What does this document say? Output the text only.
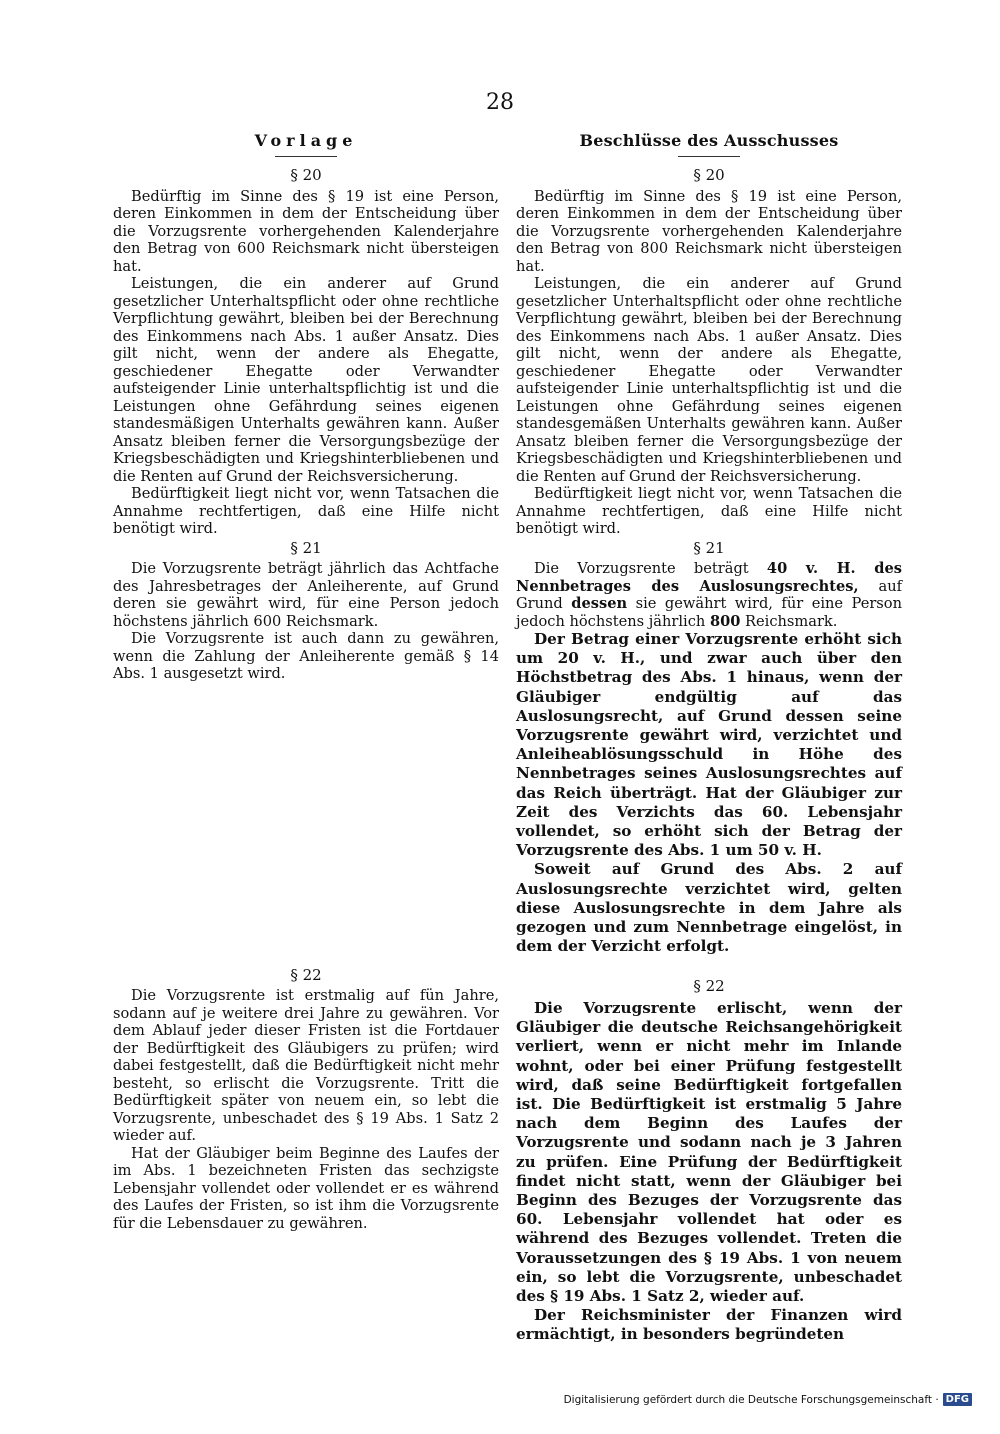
28
Vorlage
§ 20

Bedürftig im Sinne des § 19 ist eine Person, deren Einkommen in dem der Entscheidung über die Vorzugsrente vorhergehenden Kalenderjahre den Betrag von 600 Reichsmark nicht übersteigen hat.

Leistungen, die ein anderer auf Grund gesetzlicher Unterhaltspflicht oder ohne rechtliche Verpflichtung gewährt, bleiben bei der Berechnung des Einkommens nach Abs. 1 außer Ansatz. Dies gilt nicht, wenn der andere als Ehegatte, geschiedener Ehegatte oder Verwandter aufsteigender Linie unterhaltspflichtig ist und die Leistungen ohne Gefährdung seines eigenen standesmäßigen Unterhalts gewähren kann. Außer Ansatz bleiben ferner die Versorgungsbezüge der Kriegsbeschädigten und Kriegshinterbliebenen und die Renten auf Grund der Reichsversicherung.

Bedürftigkeit liegt nicht vor, wenn Tatsachen die Annahme rechtfertigen, daß eine Hilfe nicht benötigt wird.

§ 21

Die Vorzugsrente beträgt jährlich das Achtfache des Jahresbetrages der Anleiherente, auf Grund deren sie gewährt wird, für eine Person jedoch höchstens jährlich 600 Reichsmark.

Die Vorzugsrente ist auch dann zu gewähren, wenn die Zahlung der Anleiherente gemäß § 14 Abs. 1 ausgesetzt wird.

§ 22

Die Vorzugsrente ist erstmalig auf fün Jahre, sodann auf je weitere drei Jahre zu gewähren. Vor dem Ablauf jeder dieser Fristen ist die Fortdauer der Bedürftigkeit des Gläubigers zu prüfen; wird dabei festgestellt, daß die Bedürftigkeit nicht mehr besteht, so erlischt die Vorzugsrente. Tritt die Bedürftigkeit später von neuem ein, so lebt die Vorzugsrente, unbeschadet des § 19 Abs. 1 Satz 2 wieder auf.

Hat der Gläubiger beim Beginne des Laufes der im Abs. 1 bezeichneten Fristen das sechzigste Lebensjahr vollendet oder vollendet er es während des Laufes der Fristen, so ist ihm die Vorzugsrente für die Lebensdauer zu gewähren.

Beschlüsse des Ausschusses
§ 20

Bedürftig im Sinne des § 19 ist eine Person, deren Einkommen in dem der Entscheidung über die Vorzugsrente vorhergehenden Kalenderjahre den Betrag von 800 Reichsmark nicht übersteigen hat.

Leistungen, die ein anderer auf Grund gesetzlicher Unterhaltspflicht oder ohne rechtliche Verpflichtung gewährt, bleiben bei der Berechnung des Einkommens nach Abs. 1 außer Ansatz. Dies gilt nicht, wenn der andere als Ehegatte, geschiedener Ehegatte oder Verwandter aufsteigender Linie unterhaltspflichtig ist und die Leistungen ohne Gefährdung seines eigenen standesgemäßen Unterhalts gewähren kann. Außer Ansatz bleiben ferner die Versorgungsbezüge der Kriegsbeschädigten und Kriegshinterbliebenen und die Renten auf Grund der Reichsversicherung.

Bedürftigkeit liegt nicht vor, wenn Tatsachen die Annahme rechtfertigen, daß eine Hilfe nicht benötigt wird.

§ 21

Die Vorzugsrente beträgt 40 v. H. des Nennbetrages des Auslosungsrechtes, auf Grund dessen sie gewährt wird, für eine Person jedoch höchstens jährlich 800 Reichsmark.

Der Betrag einer Vorzugsrente erhöht sich um 20 v. H., und zwar auch über den Höchstbetrag des Abs. 1 hinaus, wenn der Gläubiger endgültig auf das Auslosungsrecht, auf Grund dessen seine Vorzugsrente gewährt wird, verzichtet und Anleiheablösungsschuld in Höhe des Nennbetrages seines Auslosungsrechtes auf das Reich überträgt. Hat der Gläubiger zur Zeit des Verzichts das 60. Lebensjahr vollendet, so erhöht sich der Betrag der Vorzugsrente des Abs. 1 um 50 v. H.

Soweit auf Grund des Abs. 2 auf Auslosungsrechte verzichtet wird, gelten diese Auslosungsrechte in dem Jahre als gezogen und zum Nennbetrage eingelöst, in dem der Verzicht erfolgt.

§ 22

Die Vorzugsrente erlischt, wenn der Gläubiger die deutsche Reichsangehörigkeit verliert, wenn er nicht mehr im Inlande wohnt, oder bei einer Prüfung festgestellt wird, daß seine Bedürftigkeit fortgefallen ist. Die Bedürftigkeit ist erstmalig 5 Jahre nach dem Beginn des Laufes der Vorzugsrente und sodann nach je 3 Jahren zu prüfen. Eine Prüfung der Bedürftigkeit findet nicht statt, wenn der Gläubiger bei Beginn des Bezuges der Vorzugsrente das 60. Lebensjahr vollendet hat oder es während des Bezuges vollendet. Treten die Voraussetzungen des § 19 Abs. 1 von neuem ein, so lebt die Vorzugsrente, unbeschadet des § 19 Abs. 1 Satz 2, wieder auf.

Der Reichsminister der Finanzen wird ermächtigt, in besonders begründeten

Digitalisierung gefördert durch die Deutsche Forschungsgemeinschaft · DFG
